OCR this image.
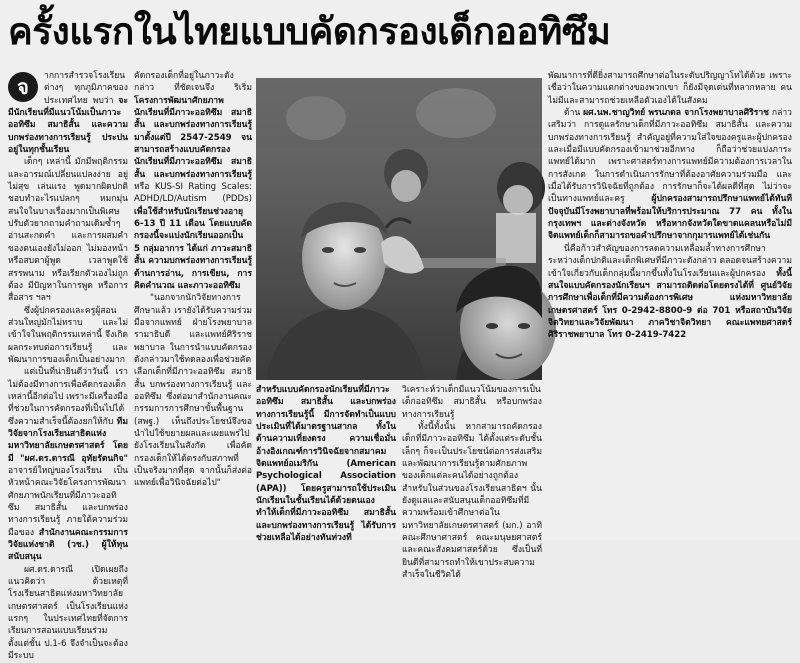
ครั้งแรกในไทยแบบคัดกรองเด็กออทิซึม
จ	ากการสำรวจโรงเรียนต่างๆ ทุกภูมิภาคของประเทศไทย พบว่า จะมีนักเรียนที่มีแนวโน้มเป็นภาวะออทิซึม สมาธิสั้น และความบกพร่องทางการเรียนรู้ ประปนอยู่ในทุกชั้นเรียน

เด็กๆ เหล่านี้ มักมีพฤติกรรมและอารมณ์เปลี่ยนแปลงง่าย อยู่ไม่สุข เล่นแรง พูดมากผิดปกติ ชอบทำอะไรแปลกๆ หมกมุ่นสนใจในบางเรื่องมากเป็นพิเศษปรับตัวยากถามคำถามเดิมซ้ำๆ อ่านสะกดคำ และการผสมคำของตนเองยังไม่ออก ไม่มองหน้า หรือสบตาผู้พูด เวลาพูดใช้สรรพนาม หรือเรียกตัวเองไม่ถูกต้อง มีปัญหาในการพูด หรือการสื่อสาร ฯลฯ

ซึ่งผู้ปกครองและครูผู้สอนส่วนใหญ่มักไม่ทราบ และไม่เข้าใจในพฤติกรรมเหล่านี้ จึงเกิดผลกระทบต่อการเรียนรู้ และพัฒนาการของเด็กเป็นอย่างมาก

แต่เป็นที่น่ายินดีว่าวันนี้ เราไม่ต้องมีทางการเพื่อคัดกรองเด็กเหล่านี้อีกต่อไป เพราะมีเครื่องมือที่ช่วยในการคัดกรองที่เป็นไปได้ ซึ่งความสำเร็จนี้ต้องยกให้กับ ทีมวิจัยจากโรงเรียนสาธิตแห่งมหาวิทยาลัยเกษตรศาสตร์ โดยมี "ผศ.ดร.ดารณี อุทัยรัตนกิจ" อาจารย์ใหญ่ของโรงเรียน เป็นหัวหน้าคณะวิจัยโครงการพัฒนาศักยภาพนักเรียนที่มีภาวะออทิซึม สมาธิสั้น และบกพร่องทางการเรียนรู้ ภายใต้ความร่วมมือของ สำนักงานคณะกรรมการวิจัยแห่งชาติ (วช.) ผู้ให้ทุนสนับสนุน

ผศ.ดร.ดารณี เปิดเผยถึงแนวคิดว่า ด้วยเหตุที่โรงเรียนสาธิตแห่งมหาวิทยาลัยเกษตรศาสตร์ เป็นโรงเรียนแห่งแรกๆ ในประเทศไทยที่จัดการเรียนการสอนแบบเรียนร่วมตั้งแต่ชั้น ป.1-6 จึงจำเป็นจะต้องมีระบบ

คัดกรองเด็กที่อยู่ในภาวะดังกล่าว ที่ชัดเจนจึง ริเริ่ม โครงการพัฒนาศักยภาพนักเรียนที่มีภาวะออทิซึม สมาธิสั้น และบกพร่องทางการเรียนรู้ มาตั้งแต่ปี 2547-2549 จนสามารถสร้างแบบคัดกรองนักเรียนที่มีภาวะออทิซึม สมาธิสั้น และบกพร่องทางการเรียนรู้ หรือ KUS-SI Rating Scales: ADHD/LD/Autism (PDDs) เพื่อใช้สำหรับนักเรียนช่วงอายุ 6-13 ปี 11 เดือน โดยแบบคัดกรองนี้จะแบ่งนักเรียนออกเป็น 5 กลุ่มอาการ ได้แก่ ภาวะสมาธิสั้น ความบกพร่องทางการเรียนรู้ด้านการอ่าน, การเขียน, การคิดคำนวณ และภาวะออทิซึม

"นอกจากนักวิจัยทางการศึกษาแล้ว เรายังได้รับความร่วมมือจากแพทย์ ฝ่ายโรงพยาบาลรามาธิบดี และแพทย์ศิริราชพยาบาล ในการนำแบบคัดกรองดังกล่าวมาใช้ทดลองเพื่อช่วยคัดเลือกเด็กที่มีภาวะออทิซึม สมาธิสั้น บกพร่องทางการเรียนรู้ และออทิซึม ซึ่งต่อมาสำนักงานคณะกรรมการการศึกษาขั้นพื้นฐาน (สพฐ.) เห็นถึงประโยชน์จึงขอนำไปใช้ขยายผลและเผยแพร่ไปยังโรงเรียนในสังกัด เพื่อคัดกรองเด็กให้ได้ตรงกับสภาพที่เป็นจริงมากที่สุด จากนั้นก็ส่งต่อแพทย์เพื่อวินิจฉัยต่อไป"

สำหรับแบบคัดกรองนักเรียนที่มีภาวะออทิซึม สมาธิสั้น และบกพร่องทางการเรียนรู้นี้ มีการจัดทำเป็นแบบประเมินที่ได้มาตรฐานสากล ทั้งในด้านความเที่ยงตรง ความเชื่อมั่น อ้างอิงเกณฑ์การวินิจฉัยจากสมาคมจิตแพทย์อเมริกัน (American Psychological Association (APA)) โดยครูสามารถใช้ประเมินนักเรียนในชั้นเรียนได้ด้วยตนเอง ทำให้เด็กที่มีภาวะออทิซึม สมาธิสั้น และบกพร่องทางการเรียนรู้ ได้รับการช่วยเหลือได้อย่างทันท่วงที

วิเคราะห์ว่าเด็กมีแนวโน้มของการเป็นเด็กออทิซึม สมาธิสั้น หรือบกพร่องทางการเรียนรู้

ทั้งนี้ทั้งนั้น หากสามารถคัดกรองเด็กที่มีภาวะออทิซึม ได้ตั้งแต่ระดับชั้นเล็กๆ ก็จะเป็นประโยชน์ต่อการส่งเสริม และพัฒนาการเรียนรู้ตามศักยภาพของเด็กแต่ละคนได้อย่างถูกต้อง สำหรับในส่วนของโรงเรียนสาธิตฯ นั้น ยังดูแลและสนับสนุนเด็กออทิซึมที่มีความพร้อมเข้าศึกษาต่อในมหาวิทยาลัยเกษตรศาสตร์ (มก.) อาทิ คณะศึกษาศาสตร์ คณะมนุษยศาสตร์ และคณะสังคมศาสตร์ด้วย ซึ่งเป็นที่ยินดีที่สามารถทำให้เขาประสบความสำเร็จในชีวิตได้

พัฒนาการที่ดียิ่งสามารถศึกษาต่อในระดับปริญญาโทได้ด้วย เพราะเชื่อว่าในความแตกต่างของพวกเขา ก็ยังมีจุดเด่นที่หลากหลาย คนไม่มีและสามารถช่วยเหลือตัวเองได้ในสังคม

ด้าน ผศ.นพ.ชาญวิทย์ พรนภดล จากโรงพยาบาลศิริราช กล่าวเสริมว่า การดูแลรักษาเด็กที่มีภาวะออทิซึม สมาธิสั้น และความบกพร่องทางการเรียนรู้ สำคัญอยู่ที่ความใส่ใจของครูและผู้ปกครอง และเมื่อมีแบบคัดกรองเข้ามาช่วยอีกทาง ก็ถือว่าช่วยแบ่งภาระแพทย์ได้มาก เพราะศาสตร์ทางการแพทย์มีความต้องการเวลาในการสังเกต ในการดำเนินการรักษาที่ต้องอาศัยความร่วมมือ และเมื่อได้รับการวินิจฉัยที่ถูกต้อง การรักษาก็จะได้ผลดีที่สุด ไม่ว่าจะเป็นทางแพทย์และครู	ผู้ปกครองสามารถปรึกษาแพทย์ได้ทันที ปัจจุบันมีโรงพยาบาลที่พร้อมให้บริการประมาณ 77 คน ทั้งในกรุงเทพฯ และต่างจังหวัด หรือหากจังหวัดใดขาดแคลนหรือไม่มีจิตแพทย์เด็กก็สามารถขอคำปรึกษาจากกุมารแพทย์ได้เช่นกัน

นี่คือก้าวสำคัญของการลดความเหลื่อมล้ำทางการศึกษา ระหว่างเด็กปกติและเด็กพิเศษที่มีภาวะดังกล่าว ตลอดจนสร้างความเข้าใจเกี่ยวกับเด็กกลุ่มนี้มากขึ้นทั้งในโรงเรียนและผู้ปกครอง ทั้งนี้ สนใจแบบคัดกรองนักเรียนฯ สามารถติดต่อโดยตรงได้ที่ ศูนย์วิจัยการศึกษาเพื่อเด็กที่มีความต้องการพิเศษ แห่งมหาวิทยาลัยเกษตรศาสตร์ โทร 0-2942-8800-9 ต่อ 701 หรือสถาบันวิจัยจิตวิทยาและวิจัยพัฒนา ภาควิชาจิตวิทยา คณะแพทยศาสตร์ศิริราชพยาบาล โทร 0-2419-7422
